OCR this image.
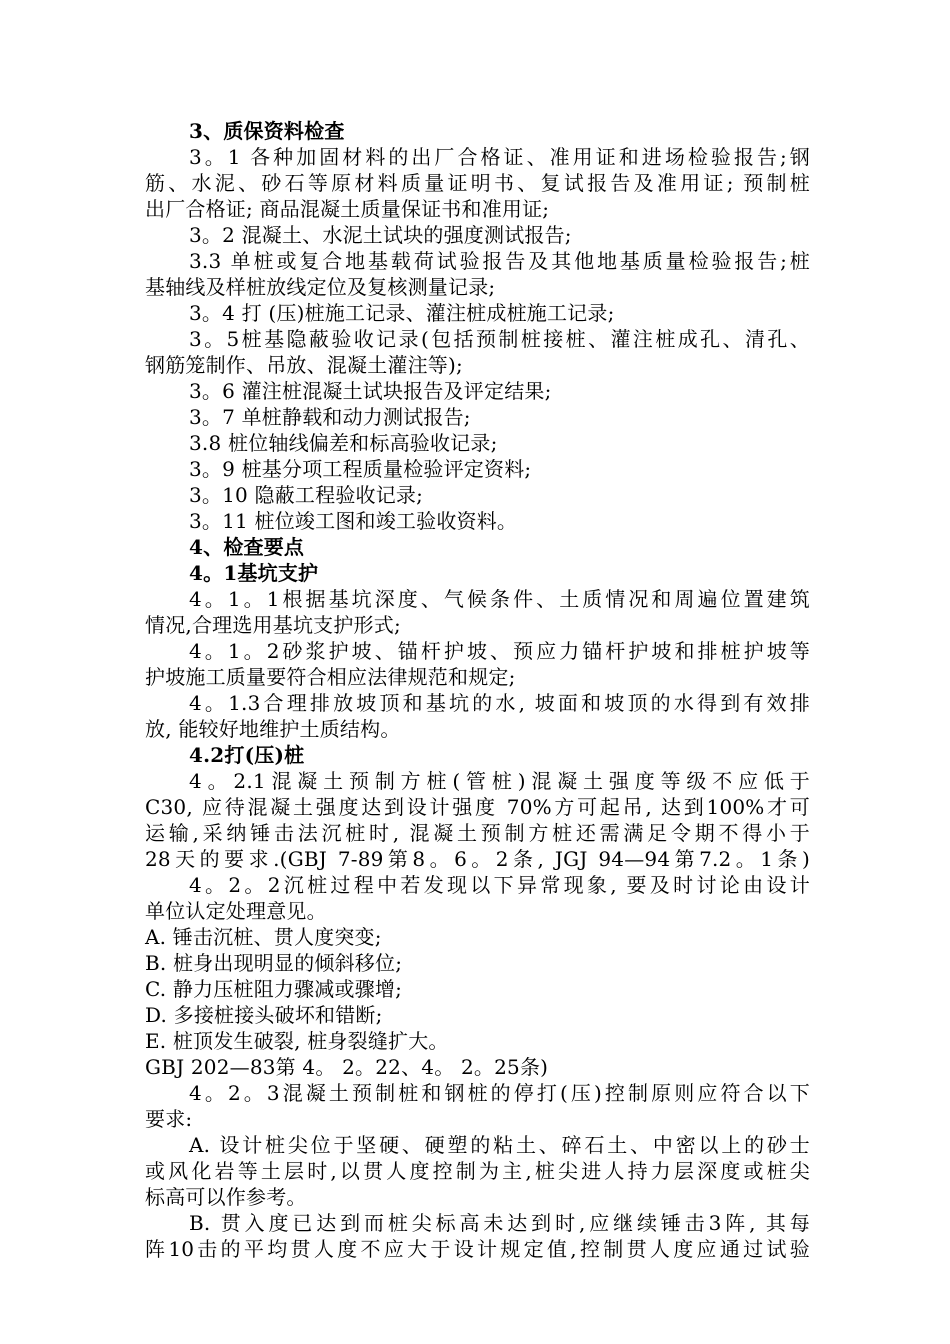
3、质保资料检查
3。1 各种加固材料的出厂合格证、准用证和进场检验报告;钢
筋、水泥、砂石等原材料质量证明书、复试报告及准用证; 预制桩
出厂合格证; 商品混凝土质量保证书和准用证;
3。2 混凝土、水泥土试块的强度测试报告;
3.3 单桩或复合地基载荷试验报告及其他地基质量检验报告;桩
基轴线及样桩放线定位及复核测量记录;
3。4 打 (压)桩施工记录、灌注桩成桩施工记录;
3。5桩基隐蔽验收记录(包括预制桩接桩、灌注桩成孔、清孔、
钢筋笼制作、吊放、混凝土灌注等);
3。6 灌注桩混凝土试块报告及评定结果;
3。7 单桩静载和动力测试报告;
3.8 桩位轴线偏差和标高验收记录;
3。9 桩基分项工程质量检验评定资料;
3。10 隐蔽工程验收记录;
3。11 桩位竣工图和竣工验收资料。
4、检查要点
4。1基坑支护
4。1。1根据基坑深度、气候条件、土质情况和周遍位置建筑
情况,合理选用基坑支护形式;
4。1。2砂浆护坡、锚杆护坡、预应力锚杆护坡和排桩护坡等
护坡施工质量要符合相应法律规范和规定;
4。1.3合理排放坡顶和基坑的水, 坡面和坡顶的水得到有效排
放, 能较好地维护土质结构。
4.2打(压)桩
4。2.1混凝土预制方桩(管桩)混凝土强度等级不应低于
C30, 应待混凝土强度达到设计强度 70%方可起吊, 达到100%才可
运输,采纳锤击法沉桩时, 混凝土预制方桩还需满足令期不得小于
28天的要求.(GBJ 7-89第8。6。2条, JGJ 94—94第7.2。1条)
4。2。2沉桩过程中若发现以下异常现象, 要及时讨论由设计
单位认定处理意见。
A. 锤击沉桩、贯人度突变;
B. 桩身出现明显的倾斜移位;
C. 静力压桩阻力骤减或骤增;
D. 多接桩接头破坏和错断;
E. 桩顶发生破裂, 桩身裂缝扩大。
GBJ 202—83第 4。 2。22、4。 2。25条)
4。2。3混凝土预制桩和钢桩的停打(压)控制原则应符合以下
要求:
A. 设计桩尖位于坚硬、硬塑的粘土、碎石土、中密以上的砂士
或风化岩等土层时,以贯人度控制为主,桩尖进人持力层深度或桩尖
标高可以作参考。
B. 贯入度已达到而桩尖标高未达到时,应继续锤击3阵, 其每
阵10击的平均贯人度不应大于设计规定值,控制贯人度应通过试验
